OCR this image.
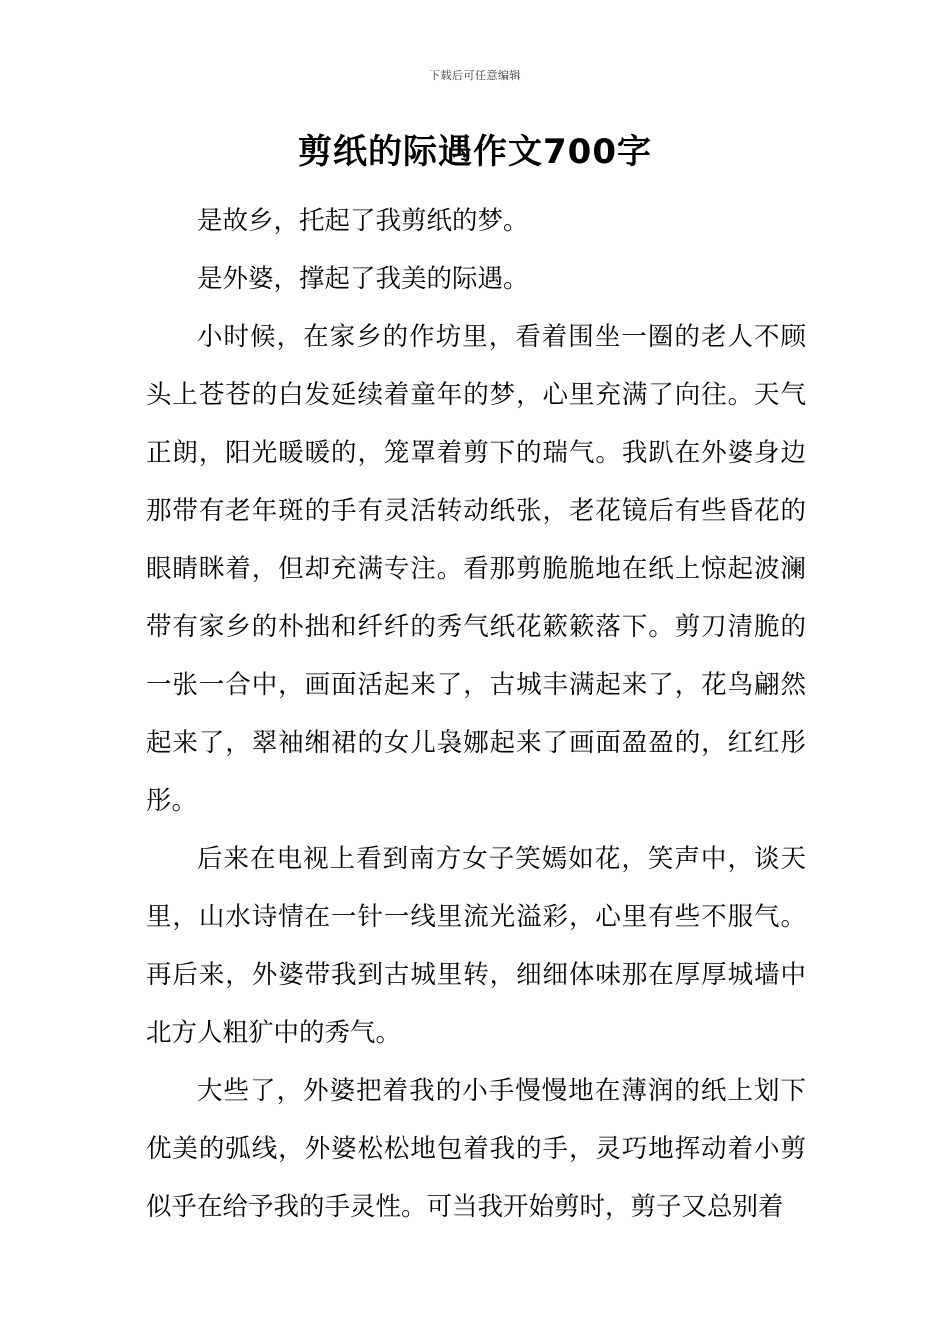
下载后可任意编辑
剪纸的际遇作文700字

是故乡，托起了我剪纸的梦。

是外婆，撑起了我美的际遇。

小时候，在家乡的作坊里，看着围坐一圈的老人不顾头上苍苍的白发延续着童年的梦，心里充满了向往。天气正朗，阳光暖暖的，笼罩着剪下的瑞气。我趴在外婆身边那带有老年斑的手有灵活转动纸张，老花镜后有些昏花的眼睛眯着，但却充满专注。看那剪脆脆地在纸上惊起波澜带有家乡的朴拙和纤纤的秀气纸花簌簌落下。剪刀清脆的一张一合中，画面活起来了，古城丰满起来了，花鸟翩然起来了，翠袖缃裙的女儿袅娜起来了画面盈盈的，红红彤彤。

后来在电视上看到南方女子笑嫣如花，笑声中，谈天里，山水诗情在一针一线里流光溢彩，心里有些不服气。再后来，外婆带我到古城里转，细细体味那在厚厚城墙中北方人粗犷中的秀气。

大些了，外婆把着我的小手慢慢地在薄润的纸上划下优美的弧线，外婆松松地包着我的手，灵巧地挥动着小剪似乎在给予我的手灵性。可当我开始剪时，剪子又总别着
